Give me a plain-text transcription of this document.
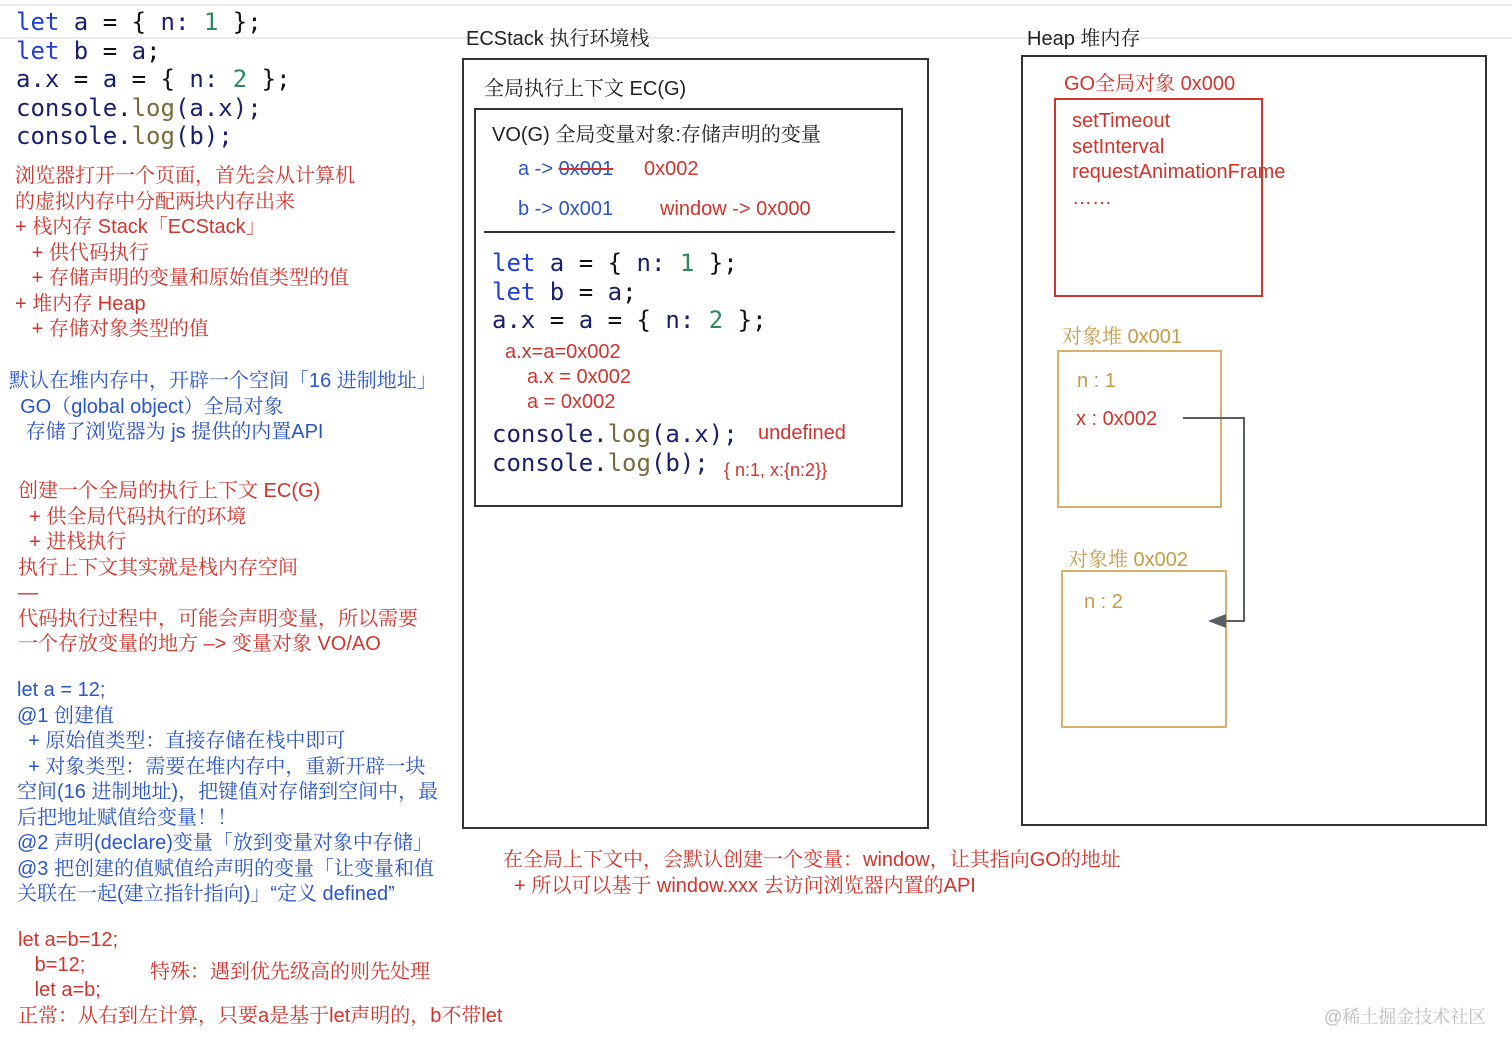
let a = { n: 1 };
let b = a;
a.x = a = { n: 2 };
console.log(a.x);
console.log(b);
浏览器打开一个页面，首先会从计算机
的虚拟内存中分配两块内存出来
+ 栈内存 Stack「ECStack」
+ 供代码执行
+ 存储声明的变量和原始值类型的值
+ 堆内存 Heap
+ 存储对象类型的值
默认在堆内存中，开辟一个空间「16 进制地址」
GO（global object）全局对象
存储了浏览器为 js 提供的内置API
创建一个全局的执行上下文 EC(G)
+ 供全局代码执行的环境
+ 进栈执行
执行上下文其实就是栈内存空间
—
代码执行过程中，可能会声明变量，所以需要
一个存放变量的地方 –> 变量对象 VO/AO
let a = 12;
@1 创建值
+ 原始值类型：直接存储在栈中即可
+ 对象类型：需要在堆内存中，重新开辟一块
空间(16 进制地址)，把键值对存储到空间中，最
后把地址赋值给变量！！
@2 声明(declare)变量「放到变量对象中存储」
@3 把创建的值赋值给声明的变量「让变量和值
关联在一起(建立指针指向)」“定义 defined”
let a=b=12;
b=12;
let a=b;
特殊：遇到优先级高的则先处理
正常：从右到左计算，只要a是基于let声明的，b不带let
ECStack 执行环境栈
全局执行上下文 EC(G)
VO(G) 全局变量对象:存储声明的变量
a -> 0x001 0x002
b -> 0x001 window -> 0x000
let a = { n: 1 };
let b = a;
a.x = a = { n: 2 };
a.x=a=0x002
a.x = 0x002
a = 0x002
console.log(a.x);
console.log(b);
undefined
{ n:1, x:{n:2}}
在全局上下文中，会默认创建一个变量：window，让其指向GO的地址
+ 所以可以基于 window.xxx 去访问浏览器内置的API
Heap 堆内存
GO全局对象 0x000
setTimeout
setInterval
requestAnimationFrame
……
对象堆 0x001
n : 1
x : 0x002
对象堆 0x002
n : 2
@稀土掘金技术社区
